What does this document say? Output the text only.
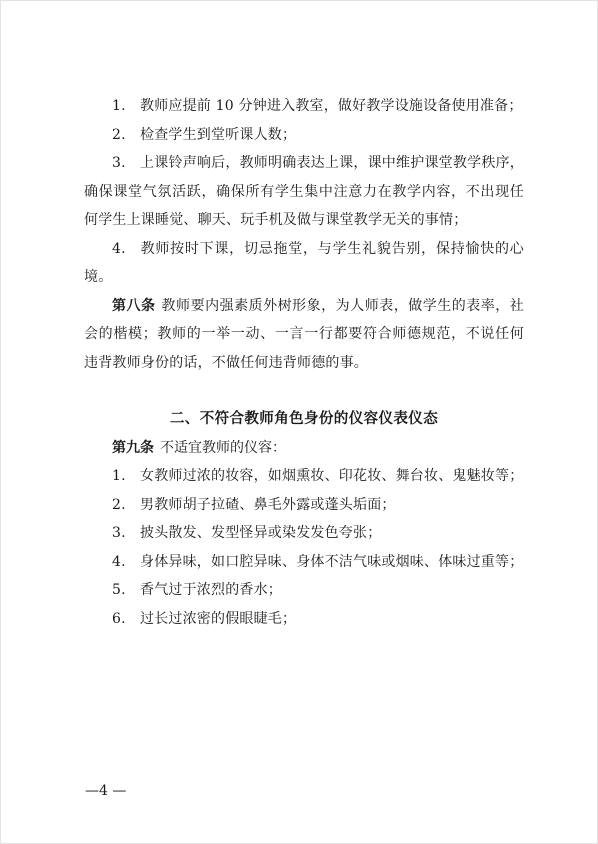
1. 教师应提前 10 分钟进入教室，做好教学设施设备使用准备；

2. 检查学生到堂听课人数；

3. 上课铃声响后，教师明确表达上课，课中维护课堂教学秩序，确保课堂气氛活跃，确保所有学生集中注意力在教学内容，不出现任何学生上课睡觉、聊天、玩手机及做与课堂教学无关的事情；

4. 教师按时下课，切忌拖堂，与学生礼貌告别，保持愉快的心境。

第八条 教师要内强素质外树形象，为人师表，做学生的表率，社会的楷模；教师的一举一动、一言一行都要符合师德规范，不说任何违背教师身份的话，不做任何违背师德的事。

二、不符合教师角色身份的仪容仪表仪态

第九条 不适宜教师的仪容：

1. 女教师过浓的妆容，如烟熏妆、印花妆、舞台妆、鬼魅妆等；

2. 男教师胡子拉碴、鼻毛外露或蓬头垢面；

3. 披头散发、发型怪异或染发发色夸张；

4. 身体异味，如口腔异味、身体不洁气味或烟味、体味过重等；

5. 香气过于浓烈的香水；

6. 过长过浓密的假眼睫毛；

—4 —
